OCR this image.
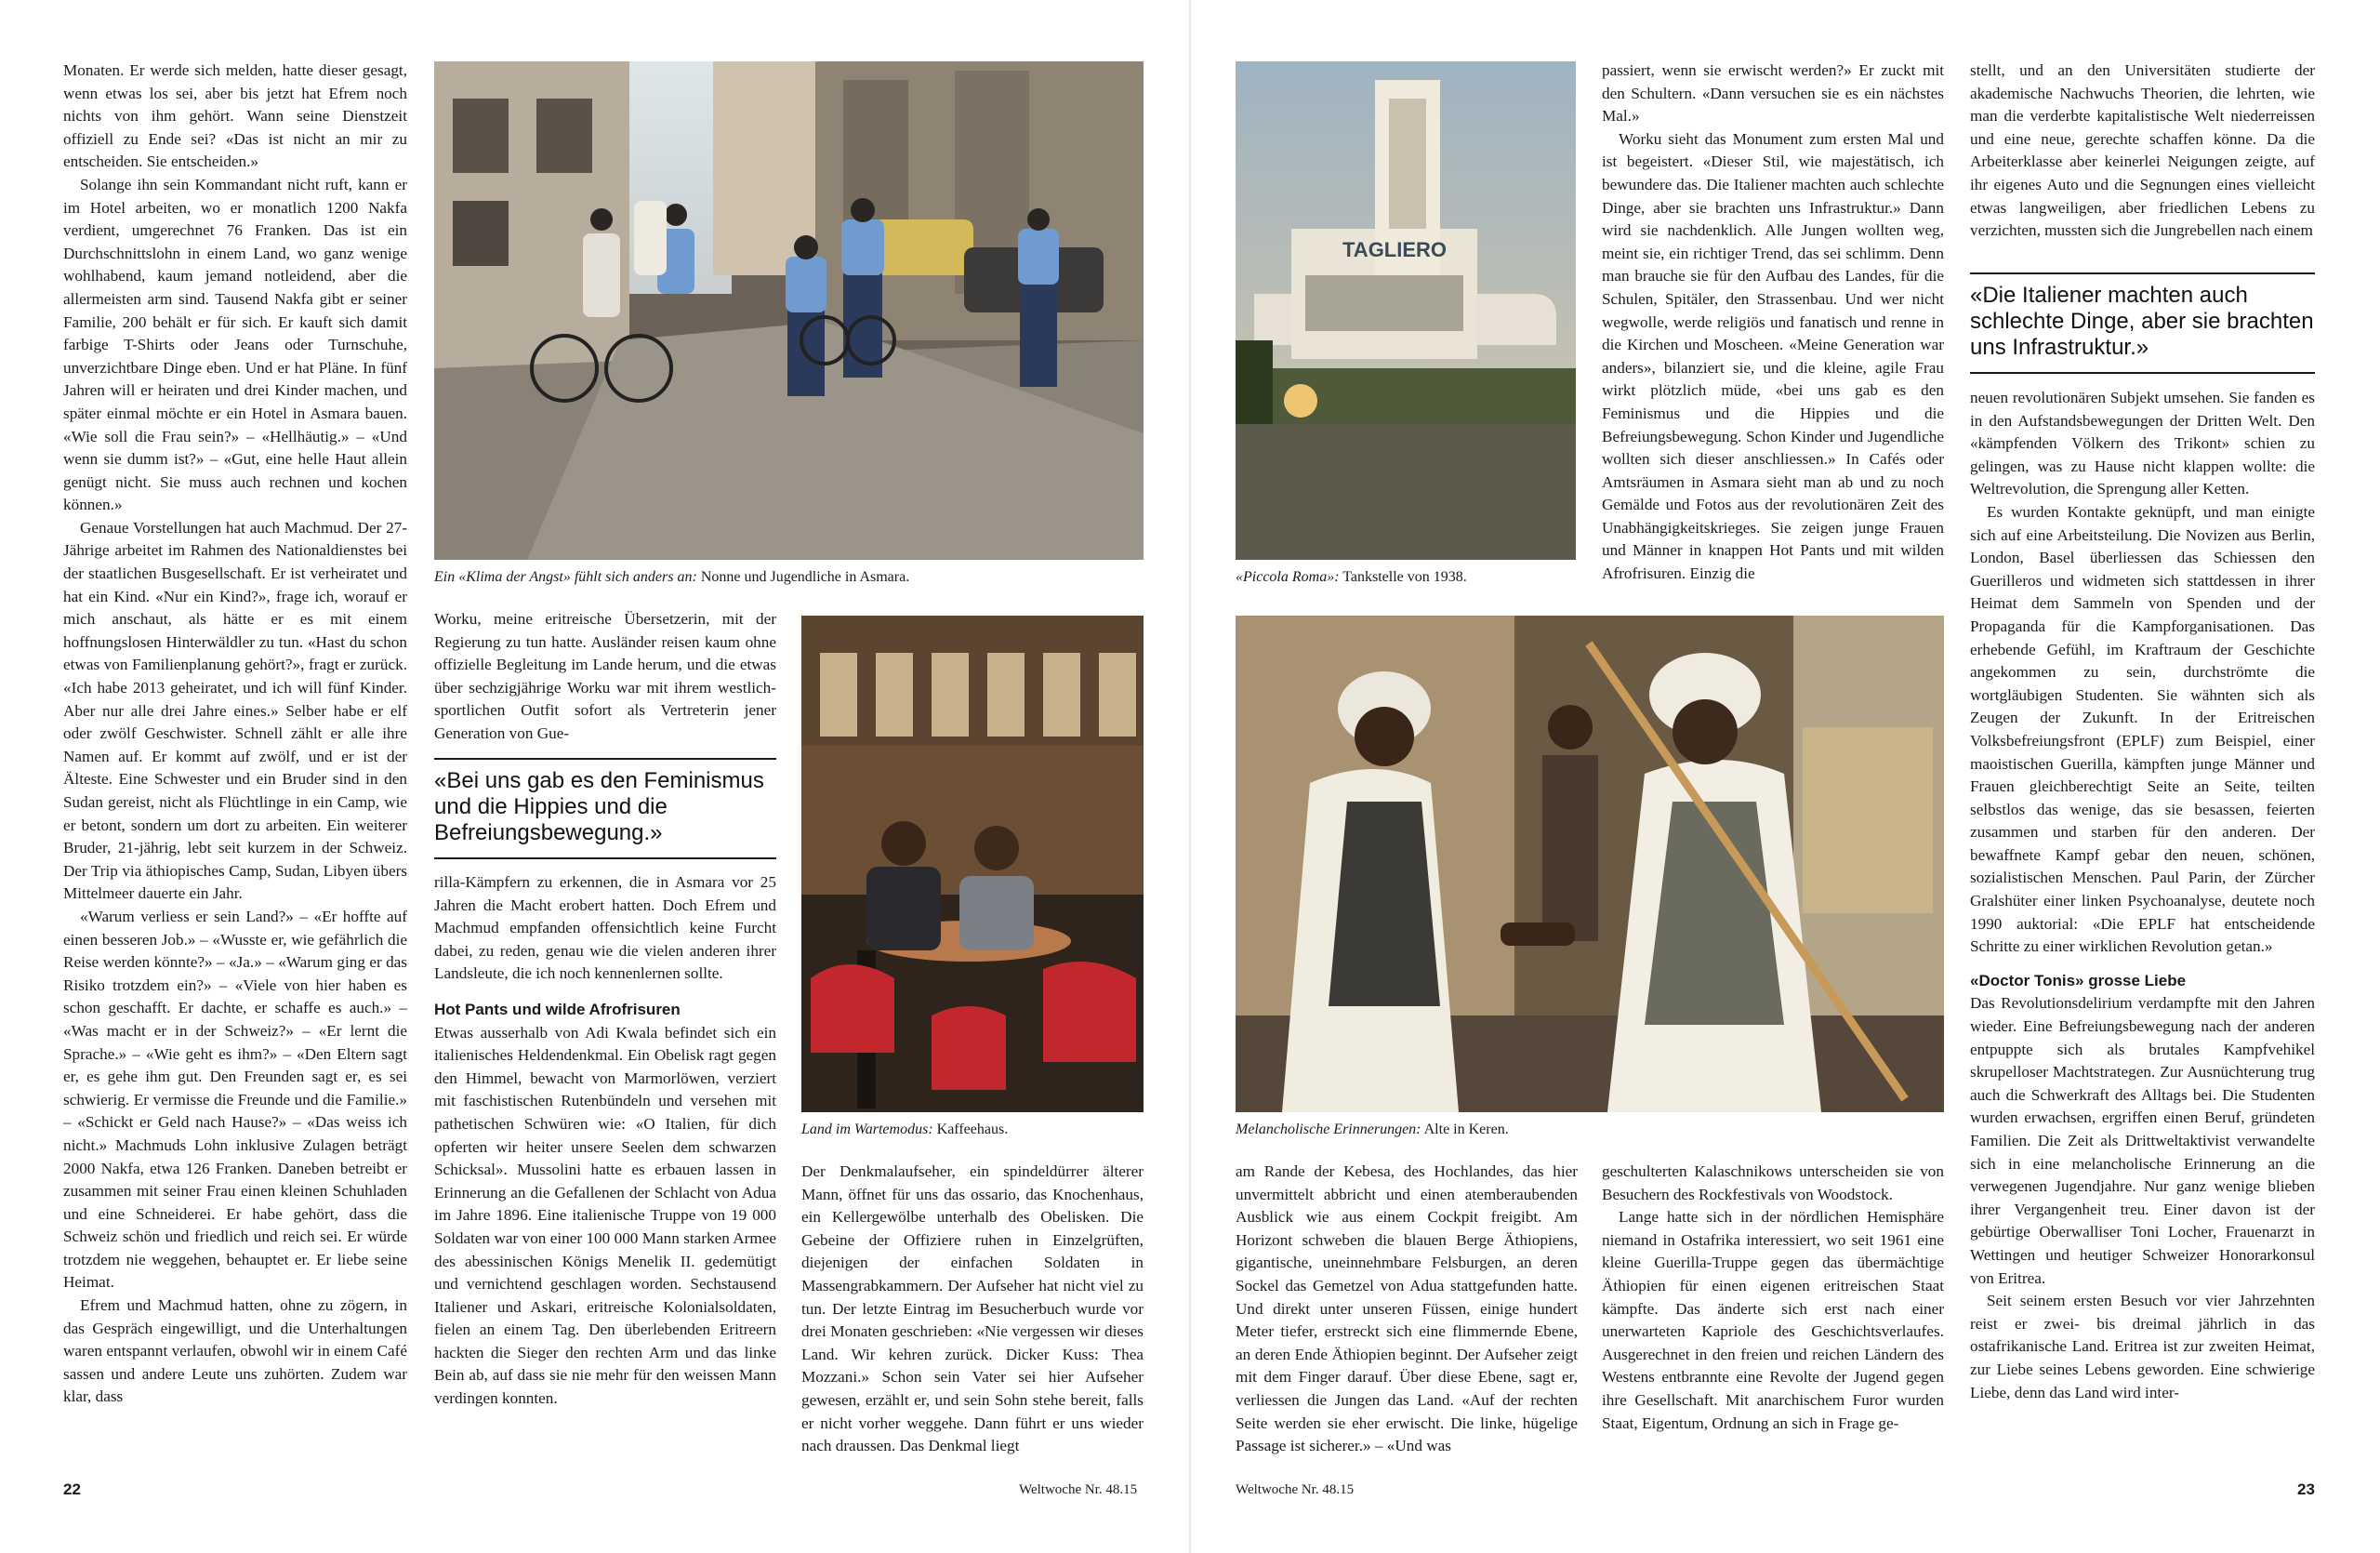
Monaten. Er werde sich melden, hatte dieser gesagt, wenn etwas los sei, aber bis jetzt hat Efrem noch nichts von ihm gehört. Wann seine Dienstzeit offiziell zu Ende sei? «Das ist nicht an mir zu entscheiden. Sie entscheiden.»

Solange ihn sein Kommandant nicht ruft, kann er im Hotel arbeiten, wo er monatlich 1200 Nakfa verdient, umgerechnet 76 Franken. Das ist ein Durchschnittslohn in einem Land, wo ganz wenige wohlhabend, kaum jemand notleidend, aber die allermeisten arm sind. Tausend Nakfa gibt er seiner Familie, 200 behält er für sich. Er kauft sich damit farbige T-Shirts oder Jeans oder Turnschuhe, unverzichtbare Dinge eben. Und er hat Pläne. In fünf Jahren will er heiraten und drei Kinder machen, und später einmal möchte er ein Hotel in Asmara bauen. «Wie soll die Frau sein?» – «Hellhäutig.» – «Und wenn sie dumm ist?» – «Gut, eine helle Haut allein genügt nicht. Sie muss auch rechnen und kochen können.»

Genaue Vorstellungen hat auch Machmud. Der 27-Jährige arbeitet im Rahmen des Nationaldienstes bei der staatlichen Busgesellschaft. Er ist verheiratet und hat ein Kind. «Nur ein Kind?», frage ich, worauf er mich anschaut, als hätte er es mit einem hoffnungslosen Hinterwäldler zu tun. «Hast du schon etwas von Familienplanung gehört?», fragt er zurück. «Ich habe 2013 geheiratet, und ich will fünf Kinder. Aber nur alle drei Jahre eines.» Selber habe er elf oder zwölf Geschwister. Schnell zählt er alle ihre Namen auf. Er kommt auf zwölf, und er ist der Älteste. Eine Schwester und ein Bruder sind in den Sudan gereist, nicht als Flüchtlinge in ein Camp, wie er betont, sondern um dort zu arbeiten. Ein weiterer Bruder, 21-jährig, lebt seit kurzem in der Schweiz. Der Trip via äthiopisches Camp, Sudan, Libyen übers Mittelmeer dauerte ein Jahr.

«Warum verliess er sein Land?» – «Er hoffte auf einen besseren Job.» – «Wusste er, wie gefährlich die Reise werden könnte?» – «Ja.» – «Warum ging er das Risiko trotzdem ein?» – «Viele von hier haben es schon geschafft. Er dachte, er schaffe es auch.» – «Was macht er in der Schweiz?» – «Er lernt die Sprache.» – «Wie geht es ihm?» – «Den Eltern sagt er, es gehe ihm gut. Den Freunden sagt er, es sei schwierig. Er vermisse die Freunde und die Familie.» – «Schickt er Geld nach Hause?» – «Das weiss ich nicht.» Machmuds Lohn inklusive Zulagen beträgt 2000 Nakfa, etwa 126 Franken. Daneben betreibt er zusammen mit seiner Frau einen kleinen Schuhladen und eine Schneiderei. Er habe gehört, dass die Schweiz schön und friedlich und reich sei. Er würde trotzdem nie weggehen, behauptet er. Er liebe seine Heimat.

Efrem und Machmud hatten, ohne zu zögern, in das Gespräch eingewilligt, und die Unterhaltungen waren entspannt verlaufen, obwohl wir in einem Café sassen und andere Leute uns zuhörten. Zudem war klar, dass

Ein «Klima der Angst» fühlt sich anders an: Nonne und Jugendliche in Asmara.

Worku, meine eritreische Übersetzerin, mit der Regierung zu tun hatte. Ausländer reisen kaum ohne offizielle Begleitung im Lande herum, und die etwas über sechzigjährige Worku war mit ihrem westlich-sportlichen Outfit sofort als Vertreterin jener Generation von Gue-

«Bei uns gab es den Feminismus und die Hippies und die Befreiungsbewegung.»

rilla-Kämpfern zu erkennen, die in Asmara vor 25 Jahren die Macht erobert hatten. Doch Efrem und Machmud empfanden offensichtlich keine Furcht dabei, zu reden, genau wie die vielen anderen ihrer Landsleute, die ich noch kennenlernen sollte.

Hot Pants und wilde Afrofrisuren

Etwas ausserhalb von Adi Kwala befindet sich ein italienisches Heldendenkmal. Ein Obelisk ragt gegen den Himmel, bewacht von Marmorlöwen, verziert mit faschistischen Rutenbündeln und versehen mit pathetischen Schwüren wie: «O Italien, für dich opferten wir heiter unsere Seelen dem schwarzen Schicksal». Mussolini hatte es erbauen lassen in Erinnerung an die Gefallenen der Schlacht von Adua im Jahre 1896. Eine italienische Truppe von 19 000 Soldaten war von einer 100 000 Mann starken Armee des abessinischen Königs Menelik II. gedemütigt und vernichtend geschlagen worden. Sechstausend Italiener und Askari, eritreische Kolonialsoldaten, fielen an einem Tag. Den überlebenden Eritreern hackten die Sieger den rechten Arm und das linke Bein ab, auf dass sie nie mehr für den weissen Mann verdingen konnten.

Land im Wartemodus: Kaffeehaus.

Der Denkmalaufseher, ein spindeldürrer älterer Mann, öffnet für uns das ossario, das Knochenhaus, ein Kellergewölbe unterhalb des Obelisken. Die Gebeine der Offiziere ruhen in Einzelgrüften, diejenigen der einfachen Soldaten in Massengrabkammern. Der Aufseher hat nicht viel zu tun. Der letzte Eintrag im Besucherbuch wurde vor drei Monaten geschrieben: «Nie vergessen wir dieses Land. Wir kehren zurück. Dicker Kuss: Thea Mozzani.» Schon sein Vater sei hier Aufseher gewesen, erzählt er, und sein Sohn stehe bereit, falls er nicht vorher weggehe. Dann führt er uns wieder nach draussen. Das Denkmal liegt

22	Weltwoche Nr. 48.15
TAGLIERO
«Piccola Roma»: Tankstelle von 1938.

passiert, wenn sie erwischt werden?» Er zuckt mit den Schultern. «Dann versuchen sie es ein nächstes Mal.»

Worku sieht das Monument zum ersten Mal und ist begeistert. «Dieser Stil, wie majestätisch, ich bewundere das. Die Italiener machten auch schlechte Dinge, aber sie brachten uns Infrastruktur.» Dann wird sie nachdenklich. Alle Jungen wollten weg, meint sie, ein richtiger Trend, das sei schlimm. Denn man brauche sie für den Aufbau des Landes, für die Schulen, Spitäler, den Strassenbau. Und wer nicht wegwolle, werde religiös und fanatisch und renne in die Kirchen und Moscheen. «Meine Generation war anders», bilanziert sie, und die kleine, agile Frau wirkt plötzlich müde, «bei uns gab es den Feminismus und die Hippies und die Befreiungsbewegung. Schon Kinder und Jugendliche wollten sich dieser anschliessen.» In Cafés oder Amtsräumen in Asmara sieht man ab und zu noch Gemälde und Fotos aus der revolutionären Zeit des Unabhängigkeitskrieges. Sie zeigen junge Frauen und Männer in knappen Hot Pants und mit wilden Afrofrisuren. Einzig die

stellt, und an den Universitäten studierte der akademische Nachwuchs Theorien, die lehrten, wie man die verderbte kapitalistische Welt niederreissen und eine neue, gerechte schaffen könne. Da die Arbeiterklasse aber keinerlei Neigungen zeigte, auf ihr eigenes Auto und die Segnungen eines vielleicht etwas langweiligen, aber friedlichen Lebens zu verzichten, mussten sich die Jungrebellen nach einem

«Die Italiener machten auch schlechte Dinge, aber sie brachten uns Infrastruktur.»

neuen revolutionären Subjekt umsehen. Sie fanden es in den Aufstandsbewegungen der Dritten Welt. Den «kämpfenden Völkern des Trikont» schien zu gelingen, was zu Hause nicht klappen wollte: die Weltrevolution, die Sprengung aller Ketten.

Es wurden Kontakte geknüpft, und man einigte sich auf eine Arbeitsteilung. Die Novizen aus Berlin, London, Basel überliessen das Schiessen den Guerilleros und widmeten sich stattdessen in ihrer Heimat dem Sammeln von Spenden und der Propaganda für die Kampforganisationen. Das erhebende Gefühl, im Kraftraum der Geschichte angekommen zu sein, durchströmte die wortgläubigen Studenten. Sie wähnten sich als Zeugen der Zukunft. In der Eritreischen Volksbefreiungsfront (EPLF) zum Beispiel, einer maoistischen Guerilla, kämpften junge Männer und Frauen gleichberechtigt Seite an Seite, teilten selbstlos das wenige, das sie besassen, feierten zusammen und starben für den anderen. Der bewaffnete Kampf gebar den neuen, schönen, sozialistischen Menschen. Paul Parin, der Zürcher Gralshüter einer linken Psychoanalyse, deutete noch 1990 auktorial: «Die EPLF hat entscheidende Schritte zu einer wirklichen Revolution getan.»

«Doctor Tonis» grosse Liebe

Das Revolutionsdelirium verdampfte mit den Jahren wieder. Eine Befreiungsbewegung nach der anderen entpuppte sich als brutales Kampfvehikel skrupelloser Machtstrategen. Zur Ausnüchterung trug auch die Schwerkraft des Alltags bei. Die Studenten wurden erwachsen, ergriffen einen Beruf, gründeten Familien. Die Zeit als Drittweltaktivist verwandelte sich in eine melancholische Erinnerung an die verwegenen Jugendjahre. Nur ganz wenige blieben ihrer Vergangenheit treu. Einer davon ist der gebürtige Oberwalliser Toni Locher, Frauenarzt in Wettingen und heutiger Schweizer Honorarkonsul von Eritrea.

Seit seinem ersten Besuch vor vier Jahrzehnten reist er zwei- bis dreimal jährlich in das ostafrikanische Land. Eritrea ist zur zweiten Heimat, zur Liebe seines Lebens geworden. Eine schwierige Liebe, denn das Land wird inter-

Melancholische Erinnerungen: Alte in Keren.

am Rande der Kebesa, des Hochlandes, das hier unvermittelt abbricht und einen atemberaubenden Ausblick wie aus einem Cockpit freigibt. Am Horizont schweben die blauen Berge Äthiopiens, gigantische, uneinnehmbare Felsburgen, an deren Sockel das Gemetzel von Adua stattgefunden hatte. Und direkt unter unseren Füssen, einige hundert Meter tiefer, erstreckt sich eine flimmernde Ebene, an deren Ende Äthiopien beginnt. Der Aufseher zeigt mit dem Finger darauf. Über diese Ebene, sagt er, verliessen die Jungen das Land. «Auf der rechten Seite werden sie eher erwischt. Die linke, hügelige Passage ist sicherer.» – «Und was

geschulterten Kalaschnikows unterscheiden sie von Besuchern des Rockfestivals von Woodstock.

Lange hatte sich in der nördlichen Hemisphäre niemand in Ostafrika interessiert, wo seit 1961 eine kleine Guerilla-Truppe gegen das übermächtige Äthiopien für einen eigenen eritreischen Staat kämpfte. Das änderte sich erst nach einer unerwarteten Kapriole des Geschichtsverlaufes. Ausgerechnet in den freien und reichen Ländern des Westens entbrannte eine Revolte der Jugend gegen ihre Gesellschaft. Mit anarchischem Furor wurden Staat, Eigentum, Ordnung an sich in Frage ge-

Weltwoche Nr. 48.15	23
